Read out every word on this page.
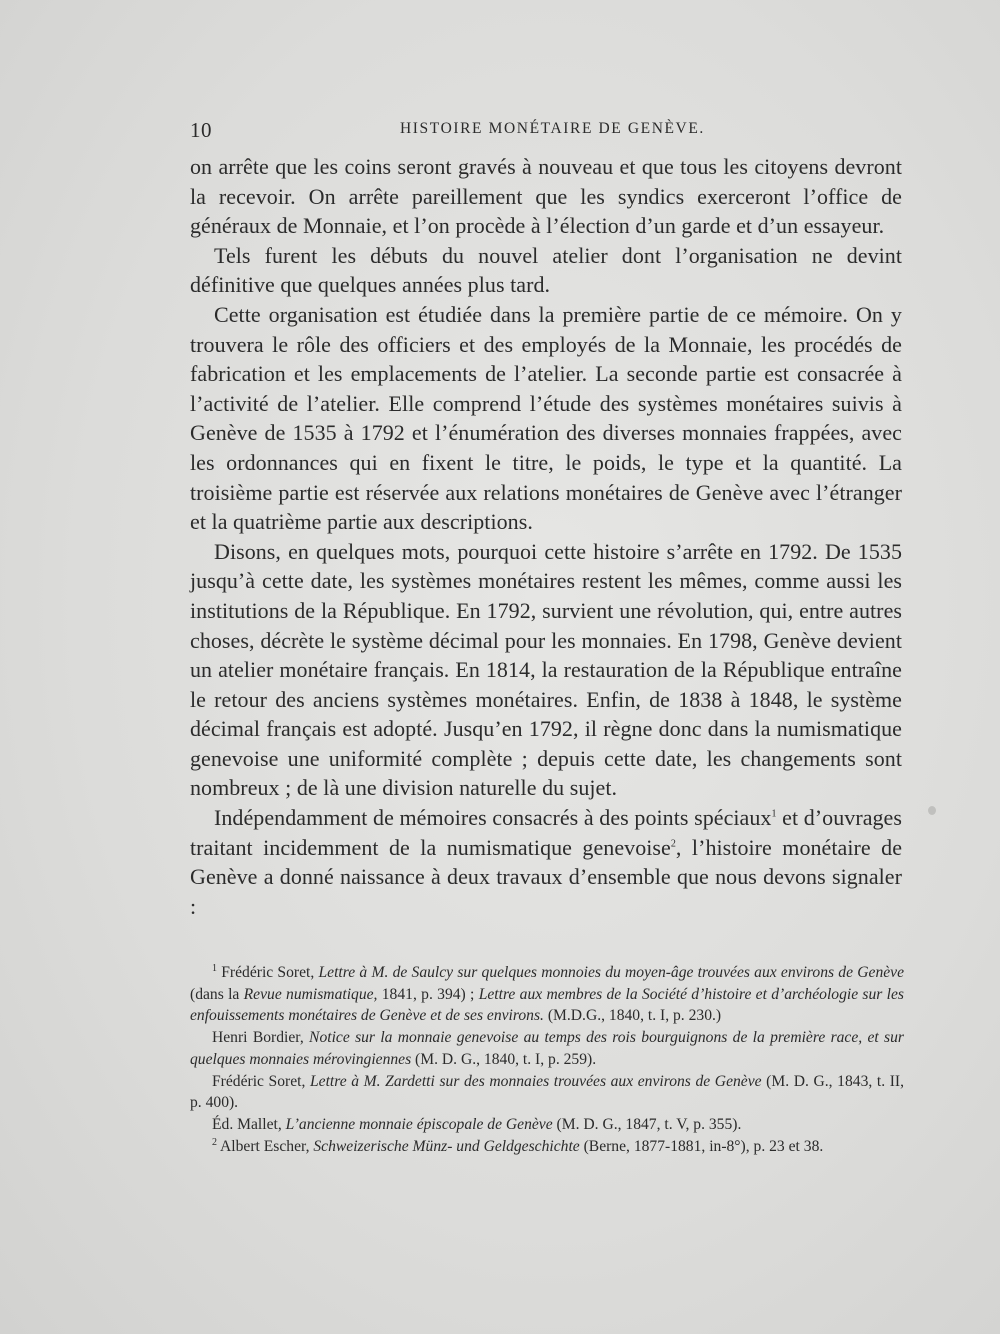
10	HISTOIRE MONÉTAIRE DE GENÈVE.

on arrête que les coins seront gravés à nouveau et que tous les citoyens devront la recevoir. On arrête pareillement que les syndics exerceront l’office de généraux de Monnaie, et l’on procède à l’élection d’un garde et d’un essayeur.

Tels furent les débuts du nouvel atelier dont l’organisation ne devint définitive que quelques années plus tard.

Cette organisation est étudiée dans la première partie de ce mémoire. On y trouvera le rôle des officiers et des employés de la Monnaie, les procédés de fabrication et les emplacements de l’atelier. La seconde partie est consacrée à l’activité de l’atelier. Elle comprend l’étude des systèmes monétaires suivis à Genève de 1535 à 1792 et l’énumération des diverses monnaies frappées, avec les ordonnances qui en fixent le titre, le poids, le type et la quantité. La troisième partie est réservée aux relations monétaires de Genève avec l’étranger et la quatrième partie aux descriptions.

Disons, en quelques mots, pourquoi cette histoire s’arrête en 1792. De 1535 jusqu’à cette date, les systèmes monétaires restent les mêmes, comme aussi les institutions de la République. En 1792, survient une révolution, qui, entre autres choses, décrète le système décimal pour les monnaies. En 1798, Genève devient un atelier monétaire français. En 1814, la restauration de la République entraîne le retour des anciens systèmes monétaires. Enfin, de 1838 à 1848, le système décimal français est adopté. Jusqu’en 1792, il règne donc dans la numismatique genevoise une uniformité complète ; depuis cette date, les changements sont nombreux ; de là une division naturelle du sujet.

Indépendamment de mémoires consacrés à des points spéciaux$^1$ et d’ouvrages traitant incidemment de la numismatique genevoise$^2$, l’histoire monétaire de Genève a donné naissance à deux travaux d’ensemble que nous devons signaler :

$^1$ Frédéric Soret, Lettre à M. de Saulcy sur quelques monnoies du moyen-âge trouvées aux environs de Genève (dans la Revue numismatique, 1841, p. 394) ; Lettre aux membres de la Société d’histoire et d’archéologie sur les enfouissements monétaires de Genève et de ses environs. (M.D.G., 1840, t. I, p. 230.)

Henri Bordier, Notice sur la monnaie genevoise au temps des rois bourguignons de la première race, et sur quelques monnaies mérovingiennes (M. D. G., 1840, t. I, p. 259).

Frédéric Soret, Lettre à M. Zardetti sur des monnaies trouvées aux environs de Genève (M. D. G., 1843, t. II, p. 400).

Éd. Mallet, L’ancienne monnaie épiscopale de Genève (M. D. G., 1847, t. V, p. 355).

$^2$ Albert Escher, Schweizerische Münz- und Geldgeschichte (Berne, 1877-1881, in-8°), p. 23 et 38.
